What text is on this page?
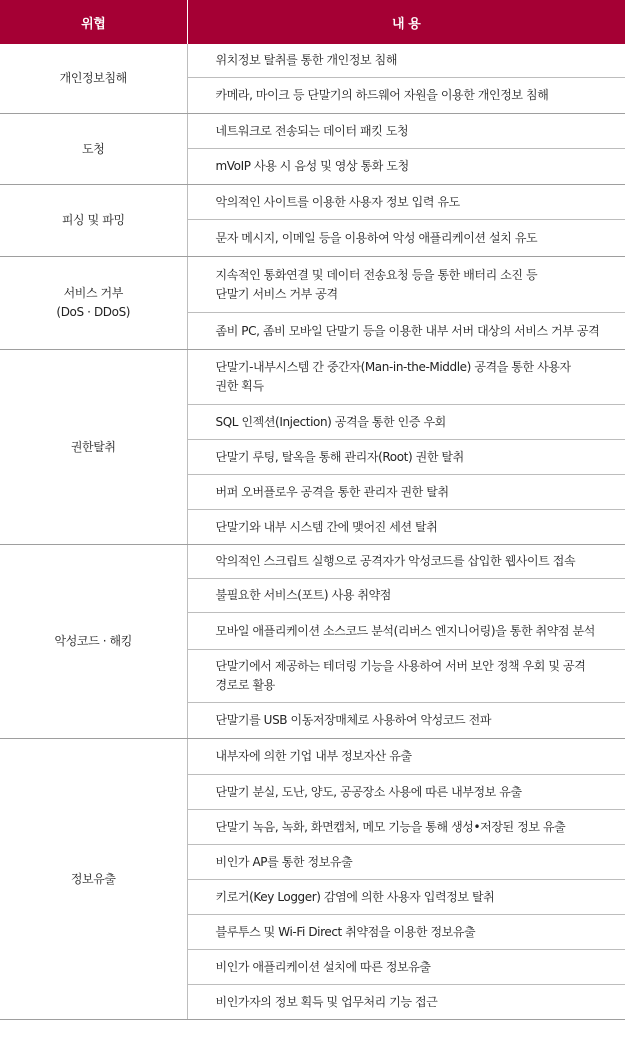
위협	내 용
개인정보침해	위치정보 탈취를 통한 개인정보 침해
	카메라, 마이크 등 단말기의 하드웨어 자원을 이용한 개인정보 침해
도청	네트워크로 전송되는 데이터 패킷 도청
	mVoIP 사용 시 음성 및 영상 통화 도청
피싱 및 파밍	악의적인 사이트를 이용한 사용자 정보 입력 유도
	문자 메시지, 이메일 등을 이용하여 악성 애플리케이션 설치 유도
서비스 거부
(DoS · DDoS)	지속적인 통화연결 및 데이터 전송요청 등을 통한 배터리 소진 등
단말기 서비스 거부 공격
	좀비 PC, 좀비 모바일 단말기 등을 이용한 내부 서버 대상의 서비스 거부 공격
권한탈취	단말기-내부시스템 간 중간자(Man-in-the-Middle) 공격을 통한 사용자
권한 획득
	SQL 인젝션(Injection) 공격을 통한 인증 우회
	단말기 루팅, 탈옥을 통해 관리자(Root) 권한 탈취
	버퍼 오버플로우 공격을 통한 관리자 권한 탈취
	단말기와 내부 시스템 간에 맺어진 세션 탈취
악성코드 · 해킹	악의적인 스크립트 실행으로 공격자가 악성코드를 삽입한 웹사이트 접속
	불필요한 서비스(포트) 사용 취약점
	모바일 애플리케이션 소스코드 분석(리버스 엔지니어링)을 통한 취약점 분석
	단말기에서 제공하는 테더링 기능을 사용하여 서버 보안 정책 우회 및 공격
경로로 활용
	단말기를 USB 이동저장매체로 사용하여 악성코드 전파
정보유출	내부자에 의한 기업 내부 정보자산 유출
	단말기 분실, 도난, 양도, 공공장소 사용에 따른 내부정보 유출
	단말기 녹음, 녹화, 화면캡처, 메모 기능을 통해 생성•저장된 정보 유출
	비인가 AP를 통한 정보유출
	키로거(Key Logger) 감염에 의한 사용자 입력정보 탈취
	블루투스 및 Wi-Fi Direct 취약점을 이용한 정보유출
	비인가 애플리케이션 설치에 따른 정보유출
	비인가자의 정보 획득 및 업무처리 기능 접근
